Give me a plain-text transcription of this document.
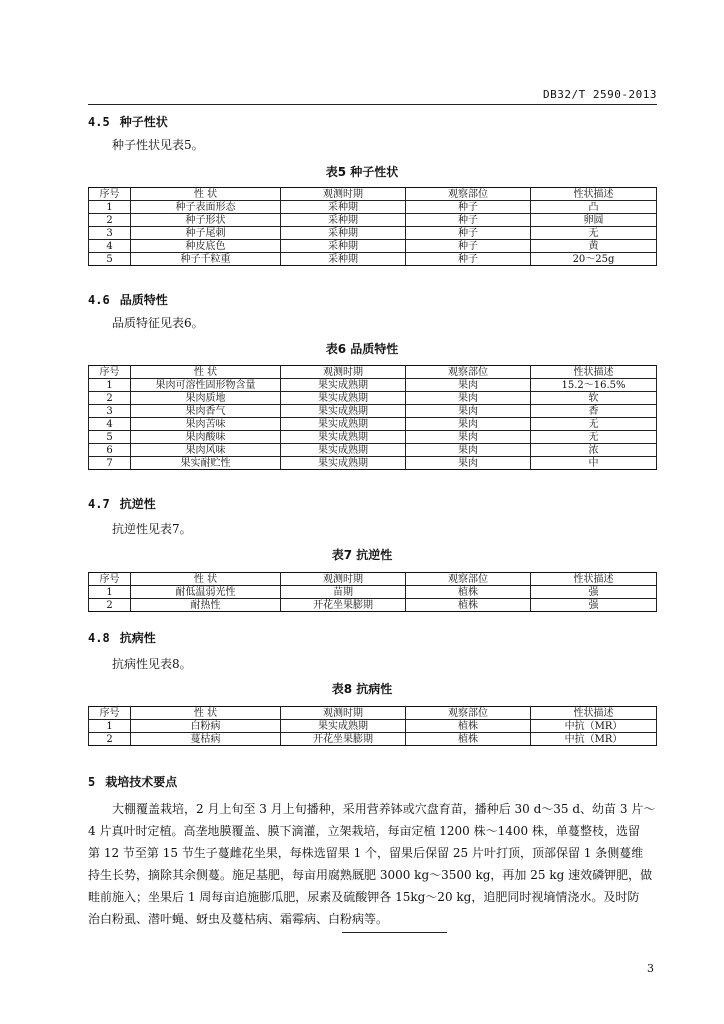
DB32/T 2590-2013
4.5 种子性状
种子性状见表5。
表5 种子性状
序号	性 状	观测时期	观察部位	性状描述
1	种子表面形态	采种期	种子	凸
2	种子形状	采种期	种子	卵圆
3	种子尾刺	采种期	种子	无
4	种皮底色	采种期	种子	黄
5	种子千粒重	采种期	种子	20～25g
4.6 品质特性
品质特征见表6。
表6 品质特性
序号	性 状	观测时期	观察部位	性状描述
1	果肉可溶性固形物含量	果实成熟期	果肉	15.2～16.5%
2	果肉质地	果实成熟期	果肉	软
3	果肉香气	果实成熟期	果肉	香
4	果肉苦味	果实成熟期	果肉	无
5	果肉酸味	果实成熟期	果肉	无
6	果肉风味	果实成熟期	果肉	浓
7	果实耐贮性	果实成熟期	果肉	中
4.7 抗逆性
抗逆性见表7。
表7 抗逆性
序号	性 状	观测时期	观察部位	性状描述
1	耐低温弱光性	苗期	植株	强
2	耐热性	开花坐果膨期	植株	强
4.8 抗病性
抗病性见表8。
表8 抗病性
序号	性 状	观测时期	观察部位	性状描述
1	白粉病	果实成熟期	植株	中抗（MR）
2	蔓枯病	开花坐果膨期	植株	中抗（MR）
5 栽培技术要点
大棚覆盖栽培，2 月上旬至 3 月上旬播种，采用营养钵或穴盘育苗，播种后 30 d～35 d、幼苗 3 片～
4 片真叶时定植。高垄地膜覆盖、膜下滴灌，立架栽培，每亩定植 1200 株～1400 株，单蔓整枝，选留
第 12 节至第 15 节生子蔓雌花坐果，每株选留果 1 个，留果后保留 25 片叶打顶，顶部保留 1 条侧蔓维
持生长势，摘除其余侧蔓。施足基肥，每亩用腐熟厩肥 3000 kg～3500 kg，再加 25 kg 速效磷钾肥，做
畦前施入；坐果后 1 周每亩追施膨瓜肥，尿素及硫酸钾各 15kg～20 kg，追肥同时视墒情浇水。及时防
治白粉虱、潜叶蝇、蚜虫及蔓枯病、霜霉病、白粉病等。
3
